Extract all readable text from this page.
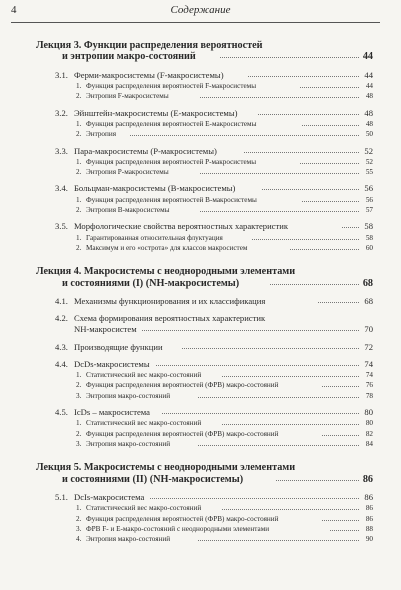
4	Содержание
Лекция 3. Функции распределения вероятностей
и энтропии макро-состояний	44
3.1. Ферми-макросистемы (F-макросистемы)	44
1. Функция распределения вероятностей F-макросистемы	44
2. Энтропия F-макросистемы	48
3.2. Эйнштейн-макросистемы (E-макросистемы)	48
1. Функция распределения вероятностей E-макросистемы	48
2. Энтропия	50
3.3. Пара-макросистемы (P-макросистемы)	52
1. Функция распределения вероятностей P-макросистемы	52
2. Энтропия P-макросистемы	55
3.4. Больцман-макросистемы (B-макросистемы)	56
1. Функция распределения вероятностей B-макросистемы	56
2. Энтропия B-макросистемы	57
3.5. Морфологические свойства вероятностных характеристик	58
1. Гарантированная относительная флуктуация	58
2. Максимум и его «острота» для классов макросистем	60
Лекция 4. Макросистемы с неоднородными элементами
и состояниями (I) (NH-макросистемы)	68
4.1. Механизмы функционирования и их классификация	68
4.2. Схема формирования вероятностных характеристик
NH-макросистем	70
4.3. Производящие функции	72
4.4. DcDs-макросистемы	74
1. Статистический вес макро-состояний	74
2. Функция распределения вероятностей (ФРВ) макро-состояний	76
3. Энтропия макро-состояний	78
4.5. IcDs – макросистема	80
1. Статистический вес макро-состояний	80
2. Функция распределения вероятностей (ФРВ) макро-состояний	82
3. Энтропия макро-состояний	84
Лекция 5. Макросистемы с неоднородными элементами
и состояниями (II) (NH-макросистемы)	86
5.1. DcIs-макросистема	86
1. Статистический вес макро-состояний	86
2. Функция распределения вероятностей (ФРВ) макро-состояний	86
3. ФРВ F- и E-макро-состояний с неоднородными элементами	88
4. Энтропия макро-состояний	90
